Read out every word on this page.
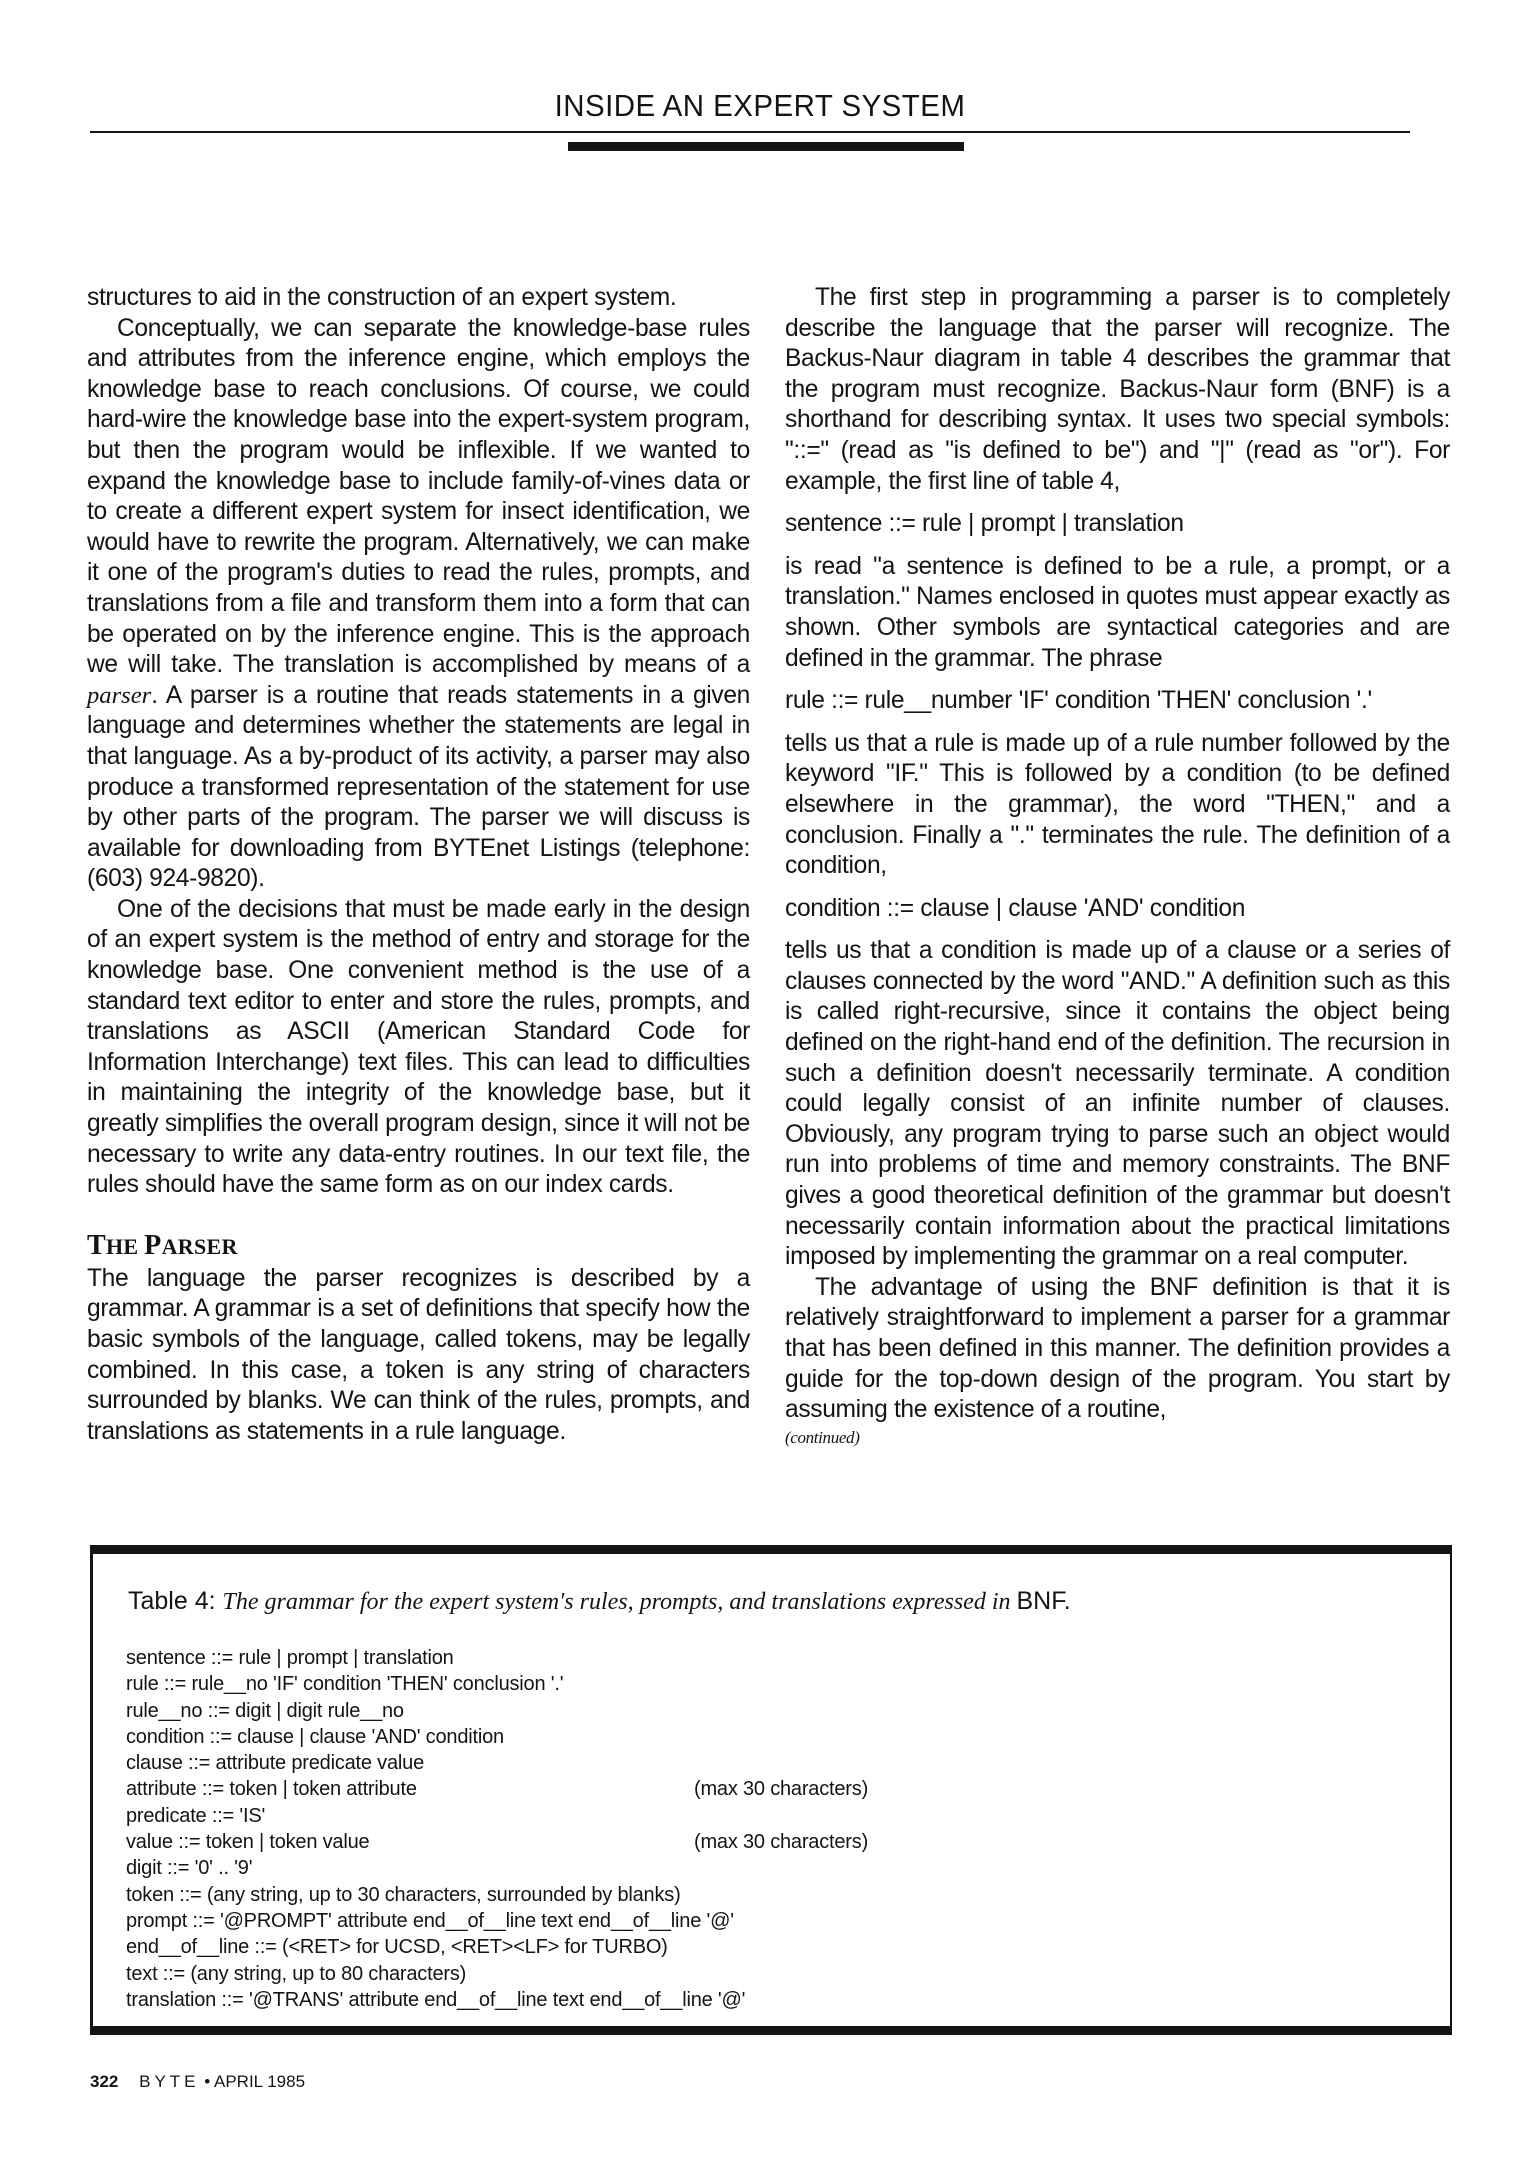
INSIDE AN EXPERT SYSTEM

structures to aid in the construction of an expert system.

Conceptually, we can separate the knowledge-base rules and attributes from the inference engine, which employs the knowledge base to reach conclusions. Of course, we could hard-wire the knowledge base into the expert-system program, but then the program would be inflexible. If we wanted to expand the knowledge base to include family-of-vines data or to create a different expert system for insect identification, we would have to rewrite the program. Alternatively, we can make it one of the program's duties to read the rules, prompts, and translations from a file and transform them into a form that can be operated on by the inference engine. This is the approach we will take. The translation is accomplished by means of a parser. A parser is a routine that reads statements in a given language and determines whether the statements are legal in that language. As a by-product of its activity, a parser may also produce a transformed representation of the statement for use by other parts of the program. The parser we will discuss is available for downloading from BYTEnet Listings (telephone: (603) 924-9820).

One of the decisions that must be made early in the design of an expert system is the method of entry and storage for the knowledge base. One convenient method is the use of a standard text editor to enter and store the rules, prompts, and translations as ASCII (American Standard Code for Information Interchange) text files. This can lead to difficulties in maintaining the integrity of the knowledge base, but it greatly simplifies the overall program design, since it will not be necessary to write any data-entry routines. In our text file, the rules should have the same form as on our index cards.

THE PARSER

The language the parser recognizes is described by a grammar. A grammar is a set of definitions that specify how the basic symbols of the language, called tokens, may be legally combined. In this case, a token is any string of characters surrounded by blanks. We can think of the rules, prompts, and translations as statements in a rule language.

The first step in programming a parser is to completely describe the language that the parser will recognize. The Backus-Naur diagram in table 4 describes the grammar that the program must recognize. Backus-Naur form (BNF) is a shorthand for describing syntax. It uses two special symbols: "::=" (read as "is defined to be") and "|" (read as "or"). For example, the first line of table 4,

sentence ::= rule | prompt | translation

is read "a sentence is defined to be a rule, a prompt, or a translation." Names enclosed in quotes must appear exactly as shown. Other symbols are syntactical categories and are defined in the grammar. The phrase

rule ::= rule__number 'IF' condition 'THEN' conclusion '.'

tells us that a rule is made up of a rule number followed by the keyword "IF." This is followed by a condition (to be defined elsewhere in the grammar), the word "THEN," and a conclusion. Finally a "." terminates the rule. The definition of a condition,

condition ::= clause | clause 'AND' condition

tells us that a condition is made up of a clause or a series of clauses connected by the word "AND." A definition such as this is called right-recursive, since it contains the object being defined on the right-hand end of the definition. The recursion in such a definition doesn't necessarily terminate. A condition could legally consist of an infinite number of clauses. Obviously, any program trying to parse such an object would run into problems of time and memory constraints. The BNF gives a good theoretical definition of the grammar but doesn't necessarily contain information about the practical limitations imposed by implementing the grammar on a real computer.

The advantage of using the BNF definition is that it is relatively straightforward to implement a parser for a grammar that has been defined in this manner. The definition provides a guide for the top-down design of the program. You start by assuming the existence of a routine,

(continued)

Table 4: The grammar for the expert system's rules, prompts, and translations expressed in BNF.
sentence ::= rule | prompt | translation
rule ::= rule__no 'IF' condition 'THEN' conclusion '.'
rule__no ::= digit | digit rule__no
condition ::= clause | clause 'AND' condition
clause ::= attribute predicate value
attribute ::= token | token attribute	(max 30 characters)
predicate ::= 'IS'
value ::= token | token value	(max 30 characters)
digit ::= '0' .. '9'
token ::= (any string, up to 30 characters, surrounded by blanks)
prompt ::= '@PROMPT' attribute end__of__line text end__of__line '@'
end__of__line ::= (<RET> for UCSD, <RET><LF> for TURBO)
text ::= (any string, up to 80 characters)
translation ::= '@TRANS' attribute end__of__line text end__of__line '@'
322 BYTE • APRIL 1985
